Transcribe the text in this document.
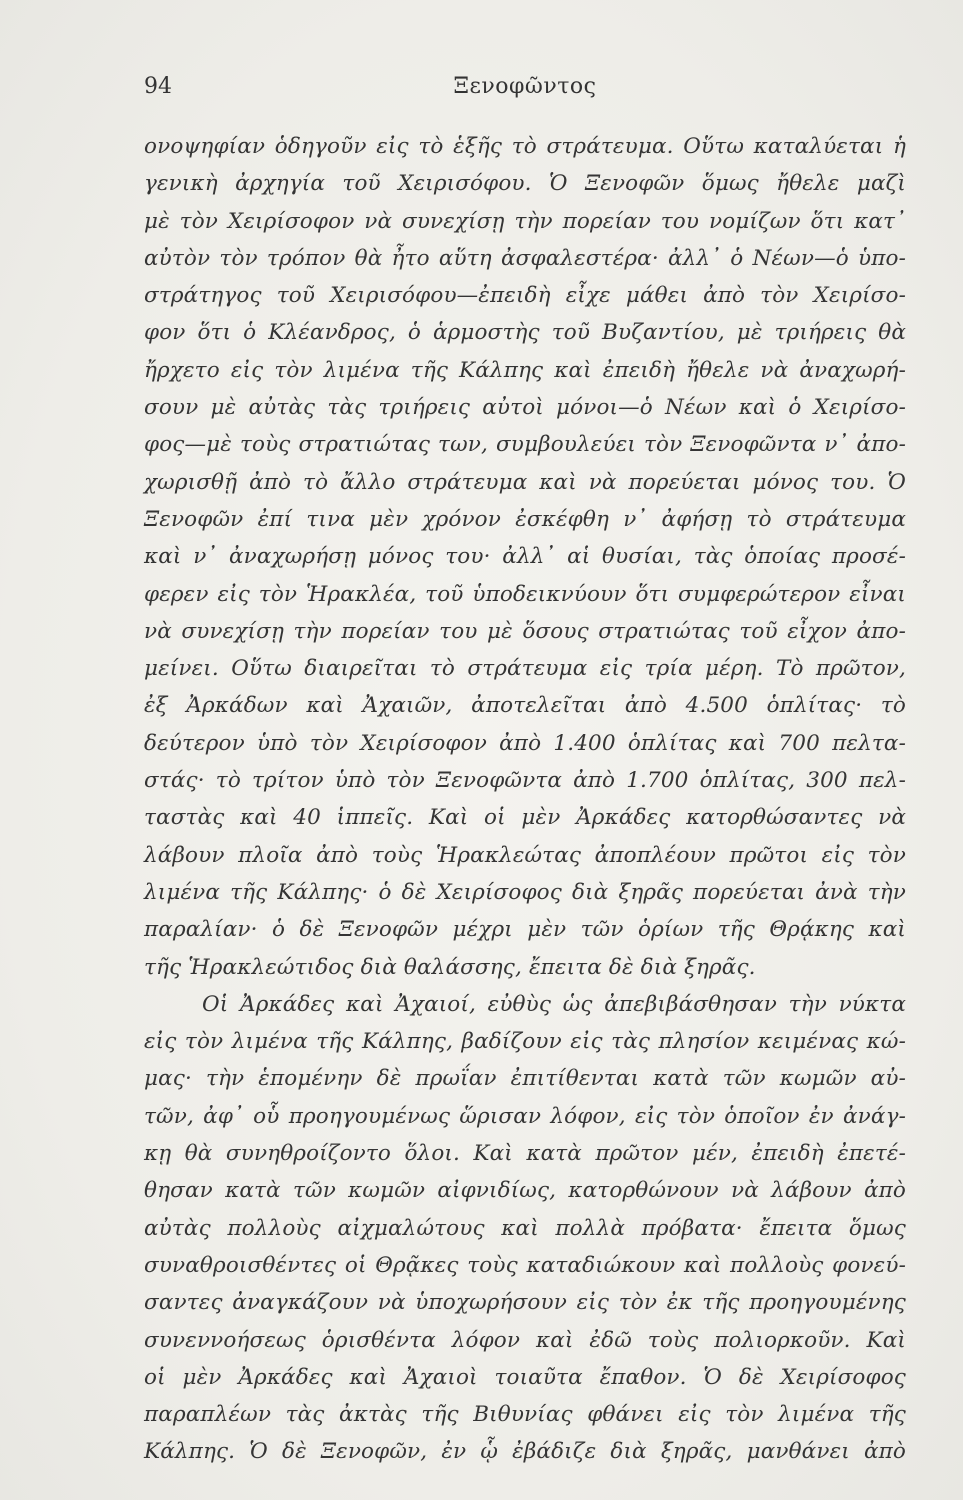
94	Ξενοφῶντος
ονοψηφίαν ὁδηγοῦν εἰς τὸ ἑξῆς τὸ στράτευμα. Οὕτω καταλύεται ἡ
γενικὴ ἀρχηγία τοῦ Χειρισόφου. Ὁ Ξενοφῶν ὅμως ἤθελε μαζὶ
μὲ τὸν Χειρίσοφον νὰ συνεχίσῃ τὴν πορείαν του νομίζων ὅτι κατ᾽
αὐτὸν τὸν τρόπον θὰ ἦτο αὕτη ἀσφαλεστέρα· ἀλλ᾽ ὁ Νέων—ὁ ὑπο-
στράτηγος τοῦ Χειρισόφου—ἐπειδὴ εἶχε μάθει ἀπὸ τὸν Χειρίσο-
φον ὅτι ὁ Κλέανδρος, ὁ ἁρμοστὴς τοῦ Βυζαντίου, μὲ τριήρεις θὰ
ἤρχετο εἰς τὸν λιμένα τῆς Κάλπης καὶ ἐπειδὴ ἤθελε νὰ ἀναχωρή-
σουν μὲ αὐτὰς τὰς τριήρεις αὐτοὶ μόνοι—ὁ Νέων καὶ ὁ Χειρίσο-
φος—μὲ τοὺς στρατιώτας των, συμβουλεύει τὸν Ξενοφῶντα ν᾽ ἀπο-
χωρισθῇ ἀπὸ τὸ ἄλλο στράτευμα καὶ νὰ πορεύεται μόνος του. Ὁ
Ξενοφῶν ἐπί τινα μὲν χρόνον ἐσκέφθη ν᾽ ἀφήσῃ τὸ στράτευμα
καὶ ν᾽ ἀναχωρήσῃ μόνος του· ἀλλ᾽ αἱ θυσίαι, τὰς ὁποίας προσέ-
φερεν εἰς τὸν Ἡρακλέα, τοῦ ὑποδεικνύουν ὅτι συμφερώτερον εἶναι
νὰ συνεχίσῃ τὴν πορείαν του μὲ ὅσους στρατιώτας τοῦ εἶχον ἀπο-
μείνει. Οὕτω διαιρεῖται τὸ στράτευμα εἰς τρία μέρη. Τὸ πρῶτον,
ἐξ Ἀρκάδων καὶ Ἀχαιῶν, ἀποτελεῖται ἀπὸ 4.500 ὁπλίτας· τὸ
δεύτερον ὑπὸ τὸν Χειρίσοφον ἀπὸ 1.400 ὁπλίτας καὶ 700 πελτα-
στάς· τὸ τρίτον ὑπὸ τὸν Ξενοφῶντα ἀπὸ 1.700 ὁπλίτας, 300 πελ-
ταστὰς καὶ 40 ἱππεῖς. Καὶ οἱ μὲν Ἀρκάδες κατορθώσαντες νὰ
λάβουν πλοῖα ἀπὸ τοὺς Ἡρακλεώτας ἀποπλέουν πρῶτοι εἰς τὸν
λιμένα τῆς Κάλπης· ὁ δὲ Χειρίσοφος διὰ ξηρᾶς πορεύεται ἀνὰ τὴν
παραλίαν· ὁ δὲ Ξενοφῶν μέχρι μὲν τῶν ὁρίων τῆς Θρᾴκης καὶ
τῆς Ἡρακλεώτιδος διὰ θαλάσσης, ἔπειτα δὲ διὰ ξηρᾶς.
Οἱ Ἀρκάδες καὶ Ἀχαιοί, εὐθὺς ὡς ἀπεβιβάσθησαν τὴν νύκτα
εἰς τὸν λιμένα τῆς Κάλπης, βαδίζουν εἰς τὰς πλησίον κειμένας κώ-
μας· τὴν ἑπομένην δὲ πρωΐαν ἐπιτίθενται κατὰ τῶν κωμῶν αὐ-
τῶν, ἀφ᾽ οὗ προηγουμένως ὥρισαν λόφον, εἰς τὸν ὁποῖον ἐν ἀνάγ-
κῃ θὰ συνηθροίζοντο ὅλοι. Καὶ κατὰ πρῶτον μέν, ἐπειδὴ ἐπετέ-
θησαν κατὰ τῶν κωμῶν αἰφνιδίως, κατορθώνουν νὰ λάβουν ἀπὸ
αὐτὰς πολλοὺς αἰχμαλώτους καὶ πολλὰ πρόβατα· ἔπειτα ὅμως
συναθροισθέντες οἱ Θρᾷκες τοὺς καταδιώκουν καὶ πολλοὺς φονεύ-
σαντες ἀναγκάζουν νὰ ὑποχωρήσουν εἰς τὸν ἐκ τῆς προηγουμένης
συνεννοήσεως ὁρισθέντα λόφον καὶ ἐδῶ τοὺς πολιορκοῦν. Καὶ
οἱ μὲν Ἀρκάδες καὶ Ἀχαιοὶ τοιαῦτα ἔπαθον. Ὁ δὲ Χειρίσοφος
παραπλέων τὰς ἀκτὰς τῆς Βιθυνίας φθάνει εἰς τὸν λιμένα τῆς
Κάλπης. Ὁ δὲ Ξενοφῶν, ἐν ᾧ ἐβάδιζε διὰ ξηρᾶς, μανθάνει ἀπὸ
